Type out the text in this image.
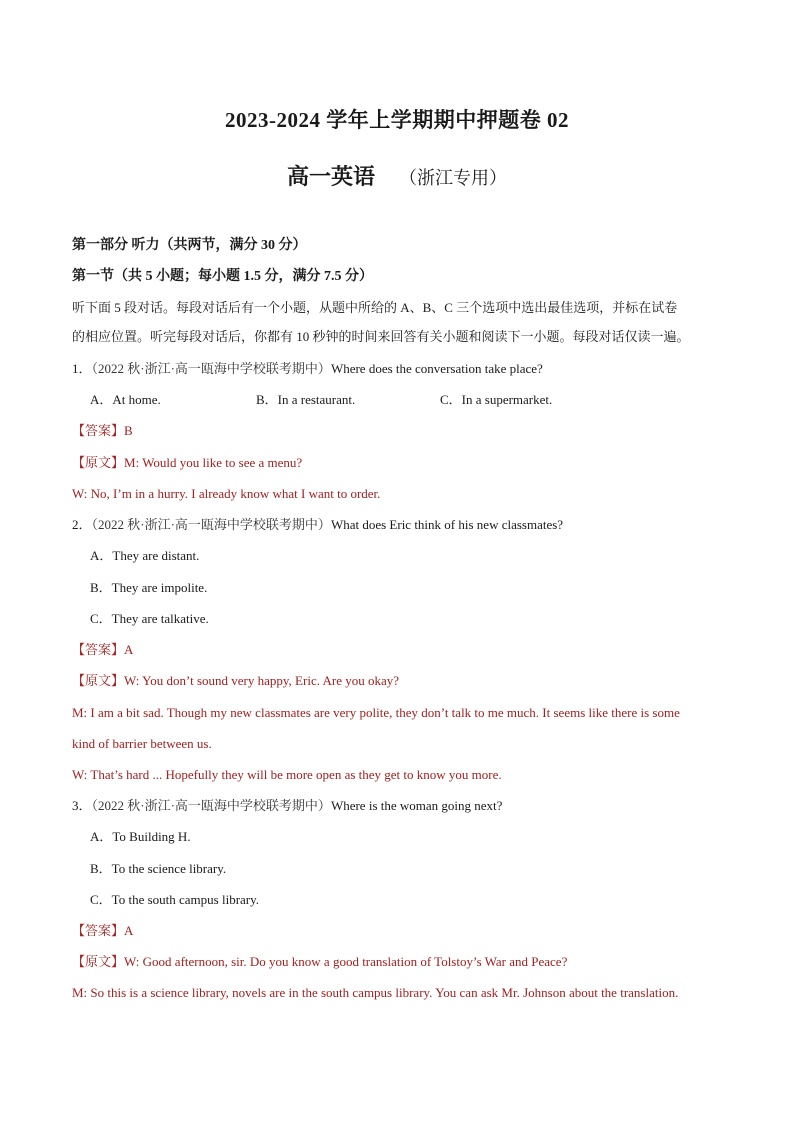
2023-2024 学年上学期期中押题卷 02
高一英语 （浙江专用）
第一部分 听力（共两节，满分 30 分）
第一节（共 5 小题；每小题 1.5 分，满分 7.5 分）
听下面 5 段对话。每段对话后有一个小题，从题中所给的 A、B、C 三个选项中选出最佳选项，并标在试卷
的相应位置。听完每段对话后，你都有 10 秒钟的时间来回答有关小题和阅读下一小题。每段对话仅读一遍。
1．（2022 秋·浙江·高一瓯海中学校联考期中）Where does the conversation take place?
A．At home.	B．In a restaurant.	C．In a supermarket.
【答案】B
【原文】M: Would you like to see a menu?
W: No, I’m in a hurry. I already know what I want to order.
2．（2022 秋·浙江·高一瓯海中学校联考期中）What does Eric think of his new classmates?
A．They are distant.
B．They are impolite.
C．They are talkative.
【答案】A
【原文】W: You don’t sound very happy, Eric. Are you okay?
M: I am a bit sad. Though my new classmates are very polite, they don’t talk to me much. It seems like there is some
kind of barrier between us.
W: That’s hard ... Hopefully they will be more open as they get to know you more.
3．（2022 秋·浙江·高一瓯海中学校联考期中）Where is the woman going next?
A．To Building H.
B．To the science library.
C．To the south campus library.
【答案】A
【原文】W: Good afternoon, sir. Do you know a good translation of Tolstoy’s War and Peace?
M: So this is a science library, novels are in the south campus library. You can ask Mr. Johnson about the translation.
